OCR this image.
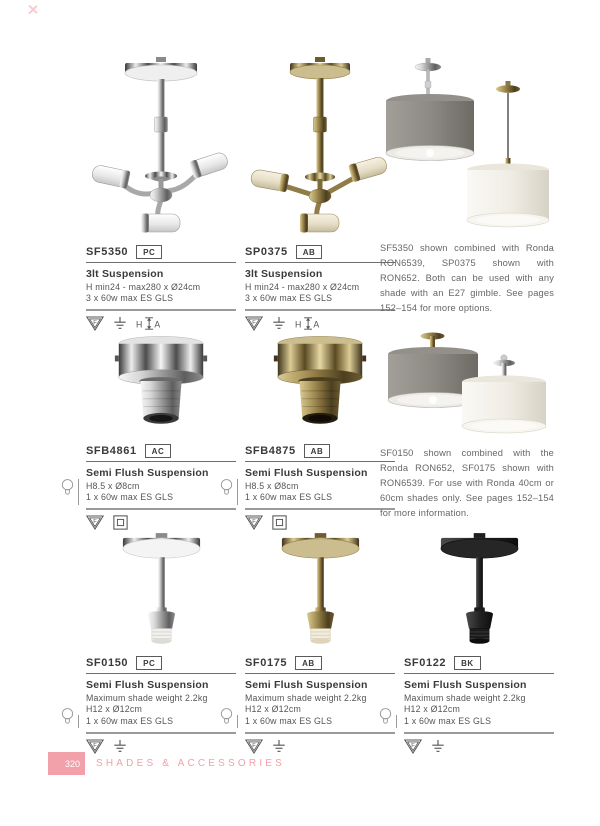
SF5350	PC
3lt Suspension
H min24 - max280 x Ø24cm
3 x 60w max ES GLS
F	H A
SP0375	AB
3lt Suspension
H min24 - max280 x Ø24cm
3 x 60w max ES GLS
F	H A
SF5350 shown combined with Ronda RON6539, SP0375 shown with RON652. Both can be used with any shade with an E27 gimble. See pages 152–154 for more options.
SFB4861	AC
Semi Flush Suspension
H8.5 x Ø8cm
1 x 60w max ES GLS
F
SFB4875	AB
Semi Flush Suspension
H8.5 x Ø8cm
1 x 60w max ES GLS
F
SF0150 shown combined with the Ronda RON652, SF0175 shown with RON6539. For use with Ronda 40cm or 60cm shades only. See pages 152–154 for more information.
SF0150	PC
Semi Flush Suspension
Maximum shade weight 2.2kg
H12 x Ø12cm
1 x 60w max ES GLS
F
SF0175	AB
Semi Flush Suspension
Maximum shade weight 2.2kg
H12 x Ø12cm
1 x 60w max ES GLS
F
SF0122	BK
Semi Flush Suspension
Maximum shade weight 2.2kg
H12 x Ø12cm
1 x 60w max ES GLS
F
320	SHADES & ACCESSORIES
